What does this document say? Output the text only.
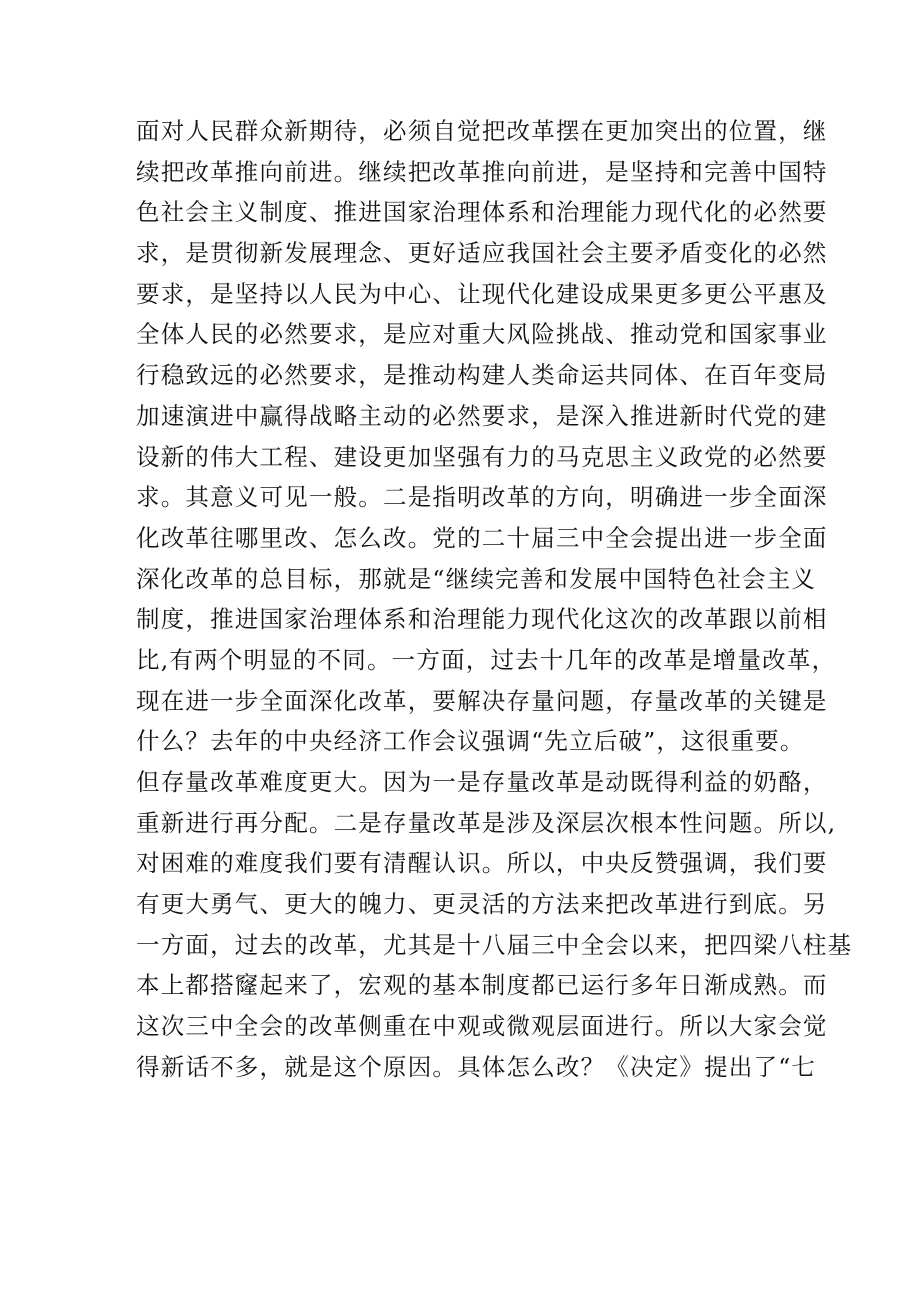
面对人民群众新期待，必须自觉把改革摆在更加突出的位置，继
续把改革推向前进。继续把改革推向前进，是坚持和完善中国特
色社会主义制度、推进国家治理体系和治理能力现代化的必然要
求，是贯彻新发展理念、更好适应我国社会主要矛盾变化的必然
要求，是坚持以人民为中心、让现代化建设成果更多更公平惠及
全体人民的必然要求，是应对重大风险挑战、推动党和国家事业
行稳致远的必然要求，是推动构建人类命运共同体、在百年变局
加速演进中赢得战略主动的必然要求，是深入推进新时代党的建
设新的伟大工程、建设更加坚强有力的马克思主义政党的必然要
求。其意义可见一般。二是指明改革的方向，明确进一步全面深
化改革往哪里改、怎么改。党的二十届三中全会提出进一步全面
深化改革的总目标，那就是“继续完善和发展中国特色社会主义
制度，推进国家治理体系和治理能力现代化这次的改革跟以前相
比,有两个明显的不同。一方面，过去十几年的改革是增量改革，
现在进一步全面深化改革，要解决存量问题，存量改革的关键是
什么？去年的中央经济工作会议强调“先立后破”，这很重要。
但存量改革难度更大。因为一是存量改革是动既得利益的奶酪，
重新进行再分配。二是存量改革是涉及深层次根本性问题。所以,
对困难的难度我们要有清醒认识。所以，中央反赞强调，我们要
有更大勇气、更大的魄力、更灵活的方法来把改革进行到底。另
一方面，过去的改革，尤其是十八届三中全会以来，把四梁八柱基
本上都搭窿起来了，宏观的基本制度都已运行多年日渐成熟。而
这次三中全会的改革侧重在中观或微观层面进行。所以大家会觉
得新话不多，就是这个原因。具体怎么改？《决定》提出了“七
